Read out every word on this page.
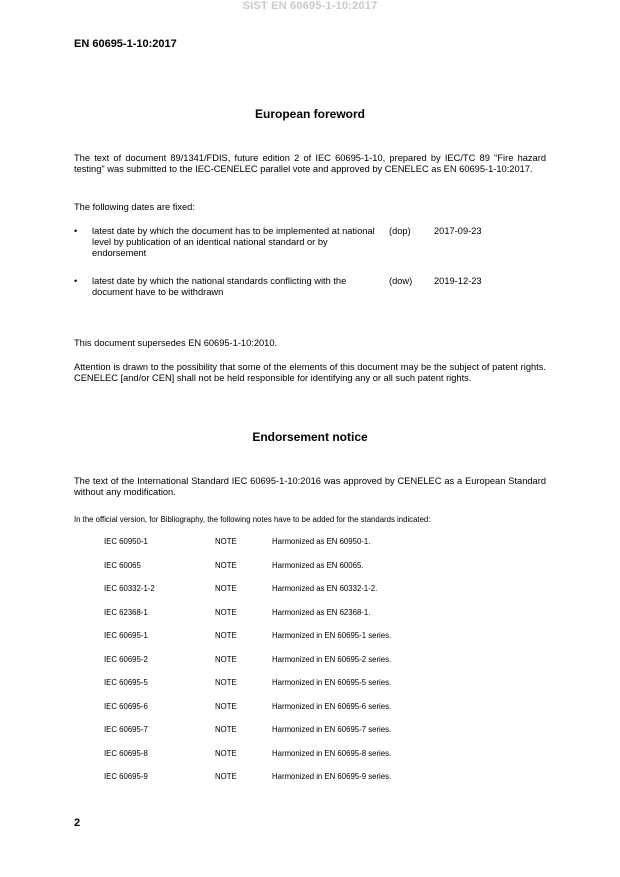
SIST EN 60695-1-10:2017
EN 60695-1-10:2017
European foreword

The text of document 89/1341/FDIS, future edition 2 of IEC 60695-1-10, prepared by IEC/TC 89 "Fire hazard testing" was submitted to the IEC-CENELEC parallel vote and approved by CENELEC as EN 60695-1-10:2017.

The following dates are fixed:

• latest date by which the document has to be implemented at national level by publication of an identical national standard or by endorsement
(dop)	2017-09-23
• latest date by which the national standards conflicting with the document have to be withdrawn
(dow) 2019-12-23

This document supersedes EN 60695-1-10:2010.

Attention is drawn to the possibility that some of the elements of this document may be the subject of patent rights. CENELEC [and/or CEN] shall not be held responsible for identifying any or all such patent rights.

Endorsement notice

The text of the International Standard IEC 60695-1-10:2016 was approved by CENELEC as a European Standard without any modification.

In the official version, for Bibliography, the following notes have to be added for the standards indicated:

IEC 60950-1	NOTE	Harmonized as EN 60950-1.
IEC 60065	NOTE	Harmonized as EN 60065.
IEC 60332-1-2	NOTE	Harmonized as EN 60332-1-2.
IEC 62368-1	NOTE	Harmonized as EN 62368-1.
IEC 60695-1	NOTE	Harmonized in EN 60695-1 series.
IEC 60695-2	NOTE	Harmonized in EN 60695-2 series.
IEC 60695-5	NOTE	Harmonized in EN 60695-5 series.
IEC 60695-6	NOTE	Harmonized in EN 60695-6 series.
IEC 60695-7	NOTE	Harmonized in EN 60695-7 series.
IEC 60695-8	NOTE	Harmonized in EN 60695-8 series.
IEC 60695-9	NOTE	Harmonized in EN 60695-9 series.
2
